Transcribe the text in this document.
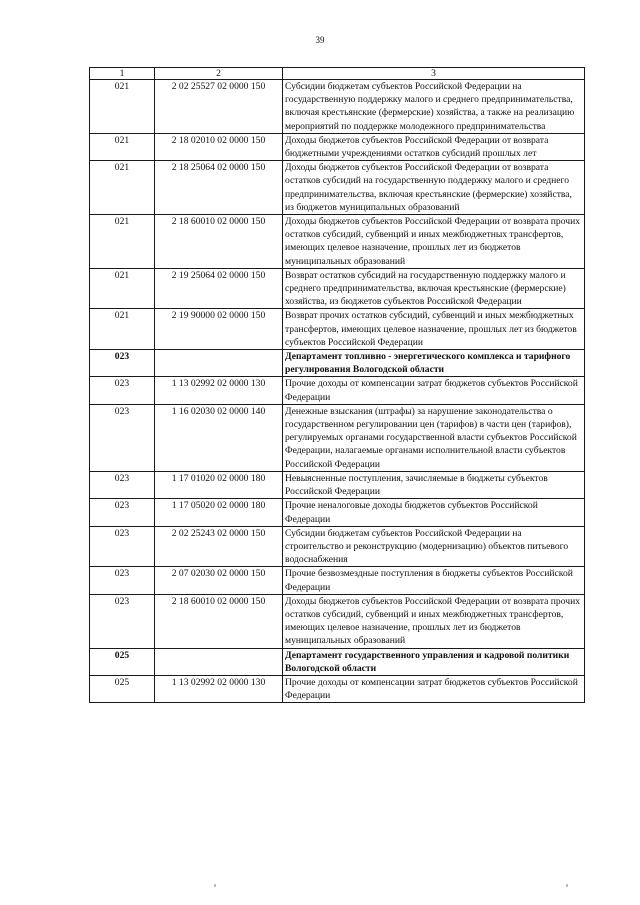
39
1	2	3
021	2 02 25527 02 0000 150	Субсидии бюджетам субъектов Российской Федерации на государственную поддержку малого и среднего предпринимательства, включая крестьянские (фермерские) хозяйства, а также на реализацию мероприятий по поддержке молодежного предпринимательства
021	2 18 02010 02 0000 150	Доходы бюджетов субъектов Российской Федерации от возврата бюджетными учреждениями остатков субсидий прошлых лет
021	2 18 25064 02 0000 150	Доходы бюджетов субъектов Российской Федерации от возврата остатков субсидий на государственную поддержку малого и среднего предпринимательства, включая крестьянские (фермерские) хозяйства, из бюджетов муниципальных образований
021	2 18 60010 02 0000 150	Доходы бюджетов субъектов Российской Федерации от возврата прочих остатков субсидий, субвенций и иных межбюджетных трансфертов, имеющих целевое назначение, прошлых лет из бюджетов муниципальных образований
021	2 19 25064 02 0000 150	Возврат остатков субсидий на государственную поддержку малого и среднего предпринимательства, включая крестьянские (фермерские) хозяйства, из бюджетов субъектов Российской Федерации
021	2 19 90000 02 0000 150	Возврат прочих остатков субсидий, субвенций и иных межбюджетных трансфертов, имеющих целевое назначение, прошлых лет из бюджетов субъектов Российской Федерации
023		Департамент топливно - энергетического комплекса и тарифного регулирования Вологодской области
023	1 13 02992 02 0000 130	Прочие доходы от компенсации затрат бюджетов субъектов Российской Федерации
023	1 16 02030 02 0000 140	Денежные взыскания (штрафы) за нарушение законодательства о государственном регулировании цен (тарифов) в части цен (тарифов), регулируемых органами государственной власти субъектов Российской Федерации, налагаемые органами исполнительной власти субъектов Российской Федерации
023	1 17 01020 02 0000 180	Невыясненные поступления, зачисляемые в бюджеты субъектов Российской Федерации
023	1 17 05020 02 0000 180	Прочие неналоговые доходы бюджетов субъектов Российской Федерации
023	2 02 25243 02 0000 150	Субсидии бюджетам субъектов Российской Федерации на строительство и реконструкцию (модернизацию) объектов питьевого водоснабжения
023	2 07 02030 02 0000 150	Прочие безвозмездные поступления в бюджеты субъектов Российской Федерации
023	2 18 60010 02 0000 150	Доходы бюджетов субъектов Российской Федерации от возврата прочих остатков субсидий, субвенций и иных межбюджетных трансфертов, имеющих целевое назначение, прошлых лет из бюджетов муниципальных образований
025		Департамент государственного управления и кадровой политики Вологодской области
025	1 13 02992 02 0000 130	Прочие доходы от компенсации затрат бюджетов субъектов Российской Федерации
